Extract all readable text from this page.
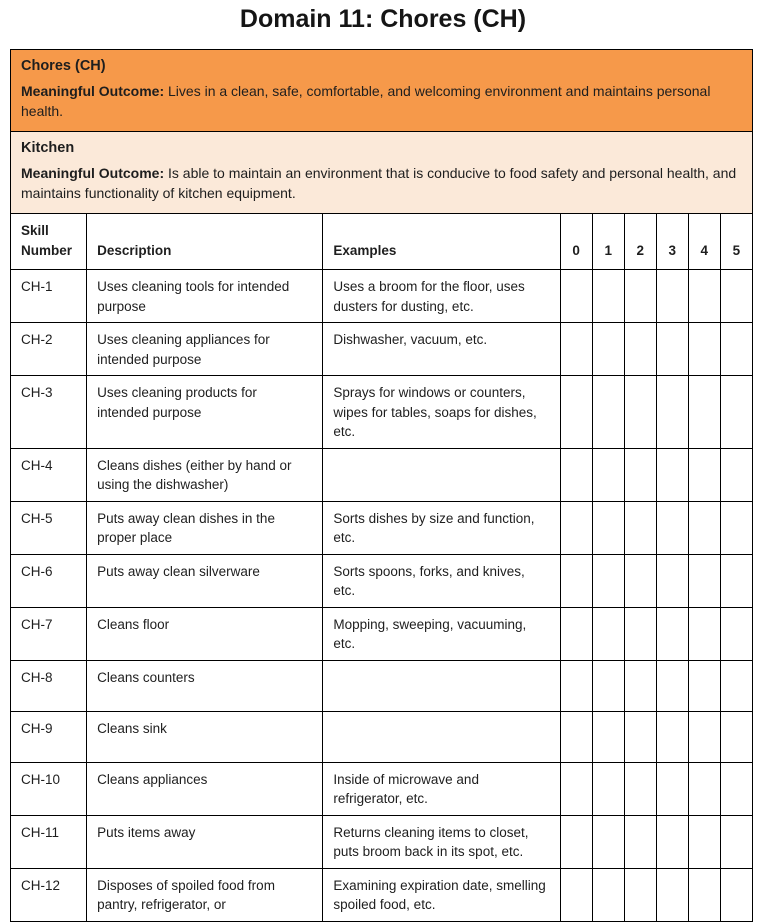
Domain 11: Chores (CH)

Chores (CH)

Meaningful Outcome: Lives in a clean, safe, comfortable, and welcoming environment and maintains personal health.								

Kitchen

Meaningful Outcome: Is able to maintain an environment that is conducive to food safety and personal health, and maintains functionality of kitchen equipment.								

Skill Number	Description	Examples	0	1	2	3	4	5
CH-1	Uses cleaning tools for intended purpose	Uses a broom for the floor, uses dusters for dusting, etc.						
CH-2	Uses cleaning appliances for intended purpose	Dishwasher, vacuum, etc.						
CH-3	Uses cleaning products for intended purpose	Sprays for windows or counters, wipes for tables, soaps for dishes, etc.						
CH-4	Cleans dishes (either by hand or using the dishwasher)							
CH-5	Puts away clean dishes in the proper place	Sorts dishes by size and function, etc.						
CH-6	Puts away clean silverware	Sorts spoons, forks, and knives, etc.						
CH-7	Cleans floor	Mopping, sweeping, vacuuming, etc.						
CH-8	Cleans counters							
CH-9	Cleans sink							
CH-10	Cleans appliances	Inside of microwave and refrigerator, etc.						
CH-11	Puts items away	Returns cleaning items to closet, puts broom back in its spot, etc.						
CH-12	Disposes of spoiled food from pantry, refrigerator, or	Examining expiration date, smelling spoiled food, etc.						
